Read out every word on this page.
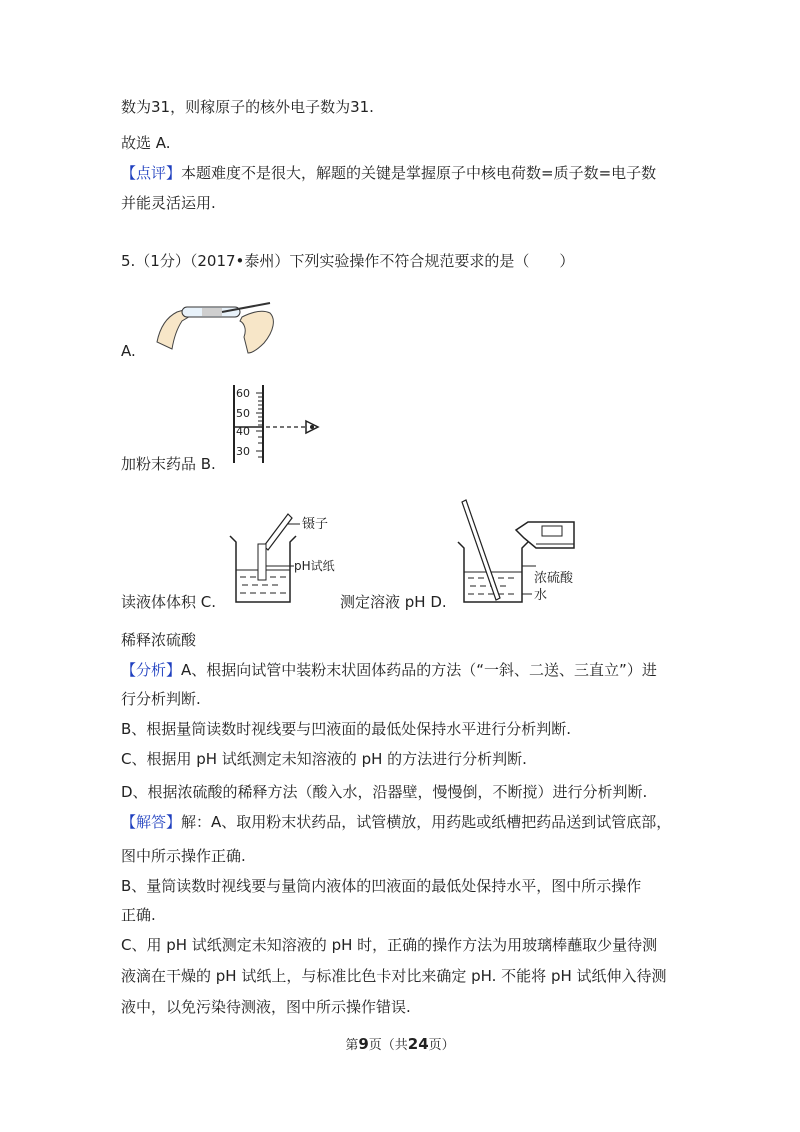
数为31，则稼原子的核外电子数为31.
故选 A.
【点评】本题难度不是很大，解题的关键是掌握原子中核电荷数=质子数=电子数
并能灵活运用.
5.（1分）（2017•泰州）下列实验操作不符合规范要求的是（　　）
A.
60
50
40
30
加粉末药品 B.
镊子
pH试纸
读液体体积 C.
浓硫酸
水
测定溶液 pH D.
稀释浓硫酸
【分析】A、根据向试管中装粉末状固体药品的方法（“一斜、二送、三直立”）进
行分析判断.
B、根据量筒读数时视线要与凹液面的最低处保持水平进行分析判断.
C、根据用 pH 试纸测定未知溶液的 pH 的方法进行分析判断.
D、根据浓硫酸的稀释方法（酸入水，沿器壁，慢慢倒，不断搅）进行分析判断.
【解答】解：A、取用粉末状药品，试管横放，用药匙或纸槽把药品送到试管底部，
图中所示操作正确.
B、量筒读数时视线要与量筒内液体的凹液面的最低处保持水平，图中所示操作
正确.
C、用 pH 试纸测定未知溶液的 pH 时，正确的操作方法为用玻璃棒蘸取少量待测
液滴在干燥的 pH 试纸上，与标准比色卡对比来确定 pH. 不能将 pH 试纸伸入待测
液中，以免污染待测液，图中所示操作错误.
第9页（共24页）
